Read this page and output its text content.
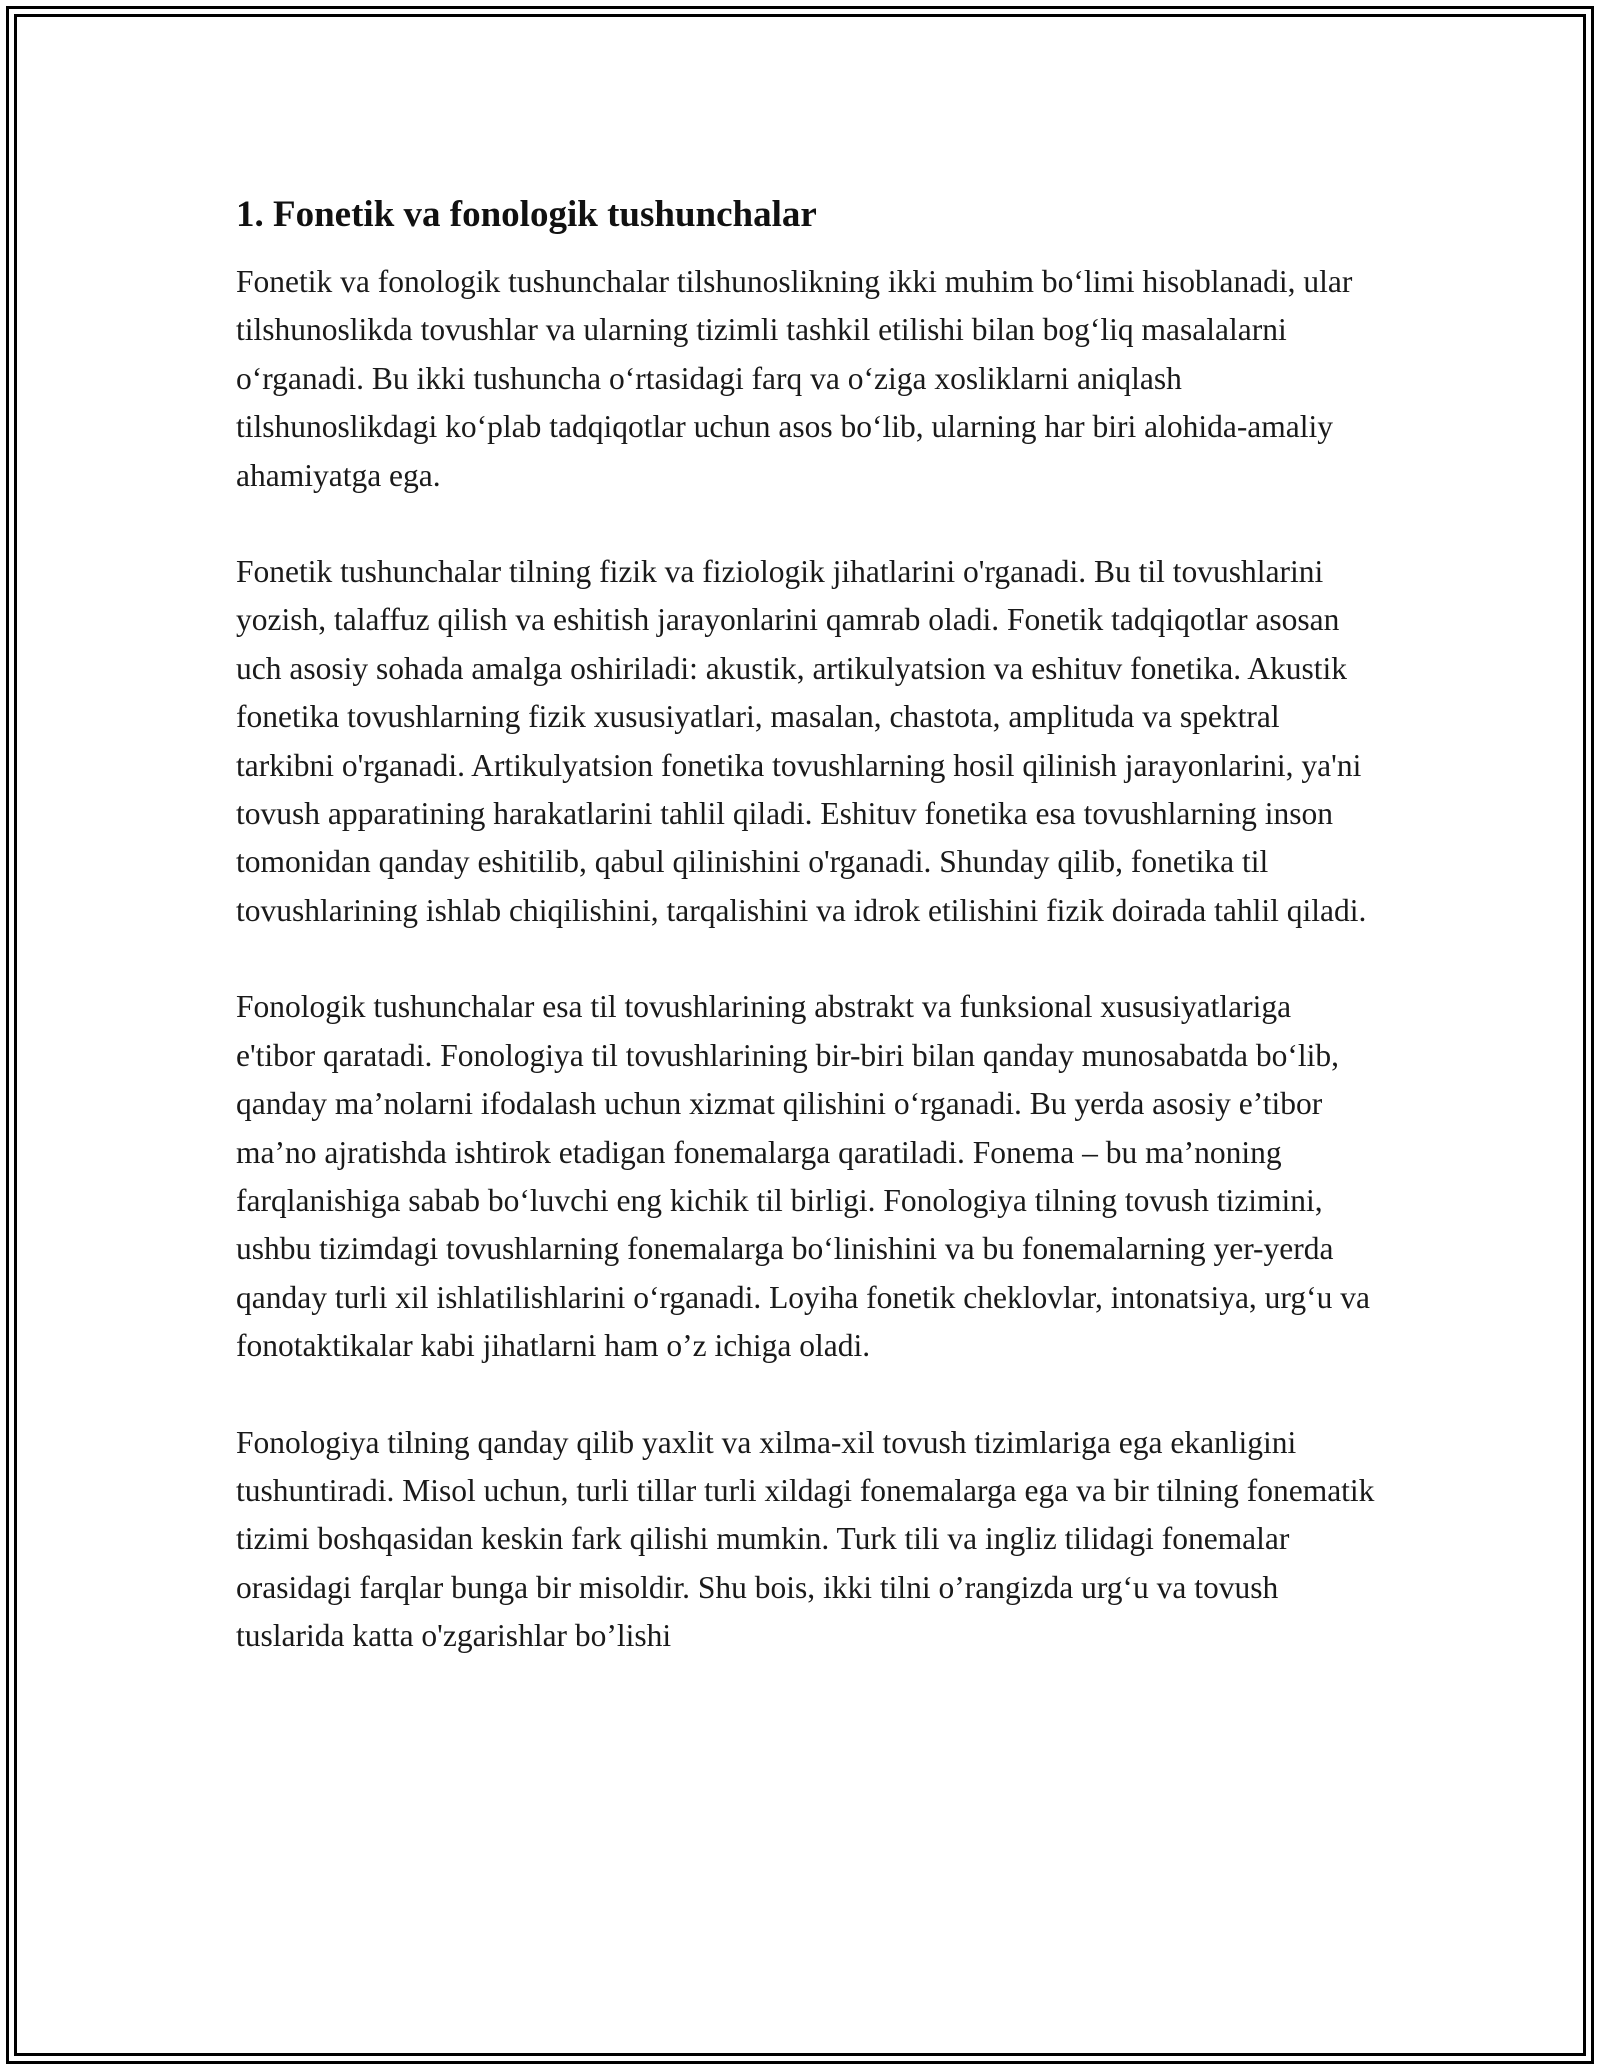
1. Fonetik va fonologik tushunchalar

Fonetik va fonologik tushunchalar tilshunoslikning ikki muhim bo‘limi hisoblanadi, ular tilshunoslikda tovushlar va ularning tizimli tashkil etilishi bilan bog‘liq masalalarni o‘rganadi. Bu ikki tushuncha o‘rtasidagi farq va o‘ziga xosliklarni aniqlash tilshunoslikdagi ko‘plab tadqiqotlar uchun asos bo‘lib, ularning har biri alohida-amaliy ahamiyatga ega.

Fonetik tushunchalar tilning fizik va fiziologik jihatlarini o'rganadi. Bu til tovushlarini yozish, talaffuz qilish va eshitish jarayonlarini qamrab oladi. Fonetik tadqiqotlar asosan uch asosiy sohada amalga oshiriladi: akustik, artikulyatsion va eshituv fonetika. Akustik fonetika tovushlarning fizik xususiyatlari, masalan, chastota, amplituda va spektral tarkibni o'rganadi. Artikulyatsion fonetika tovushlarning hosil qilinish jarayonlarini, ya'ni tovush apparatining harakatlarini tahlil qiladi. Eshituv fonetika esa tovushlarning inson tomonidan qanday eshitilib, qabul qilinishini o'rganadi. Shunday qilib, fonetika til tovushlarining ishlab chiqilishini, tarqalishini va idrok etilishini fizik doirada tahlil qiladi.

Fonologik tushunchalar esa til tovushlarining abstrakt va funksional xususiyatlariga e'tibor qaratadi. Fonologiya til tovushlarining bir-biri bilan qanday munosabatda bo‘lib, qanday ma’nolarni ifodalash uchun xizmat qilishini o‘rganadi. Bu yerda asosiy e’tibor ma’no ajratishda ishtirok etadigan fonemalarga qaratiladi. Fonema – bu ma’noning farqlanishiga sabab bo‘luvchi eng kichik til birligi. Fonologiya tilning tovush tizimini, ushbu tizimdagi tovushlarning fonemalarga bo‘linishini va bu fonemalarning yer-yerda qanday turli xil ishlatilishlarini o‘rganadi. Loyiha fonetik cheklovlar, intonatsiya, urg‘u va fonotaktikalar kabi jihatlarni ham o’z ichiga oladi.

Fonologiya tilning qanday qilib yaxlit va xilma-xil tovush tizimlariga ega ekanligini tushuntiradi. Misol uchun, turli tillar turli xildagi fonemalarga ega va bir tilning fonematik tizimi boshqasidan keskin fark qilishi mumkin. Turk tili va ingliz tilidagi fonemalar orasidagi farqlar bunga bir misoldir. Shu bois, ikki tilni o’rangizda urg‘u va tovush tuslarida katta o'zgarishlar bo’lishi
